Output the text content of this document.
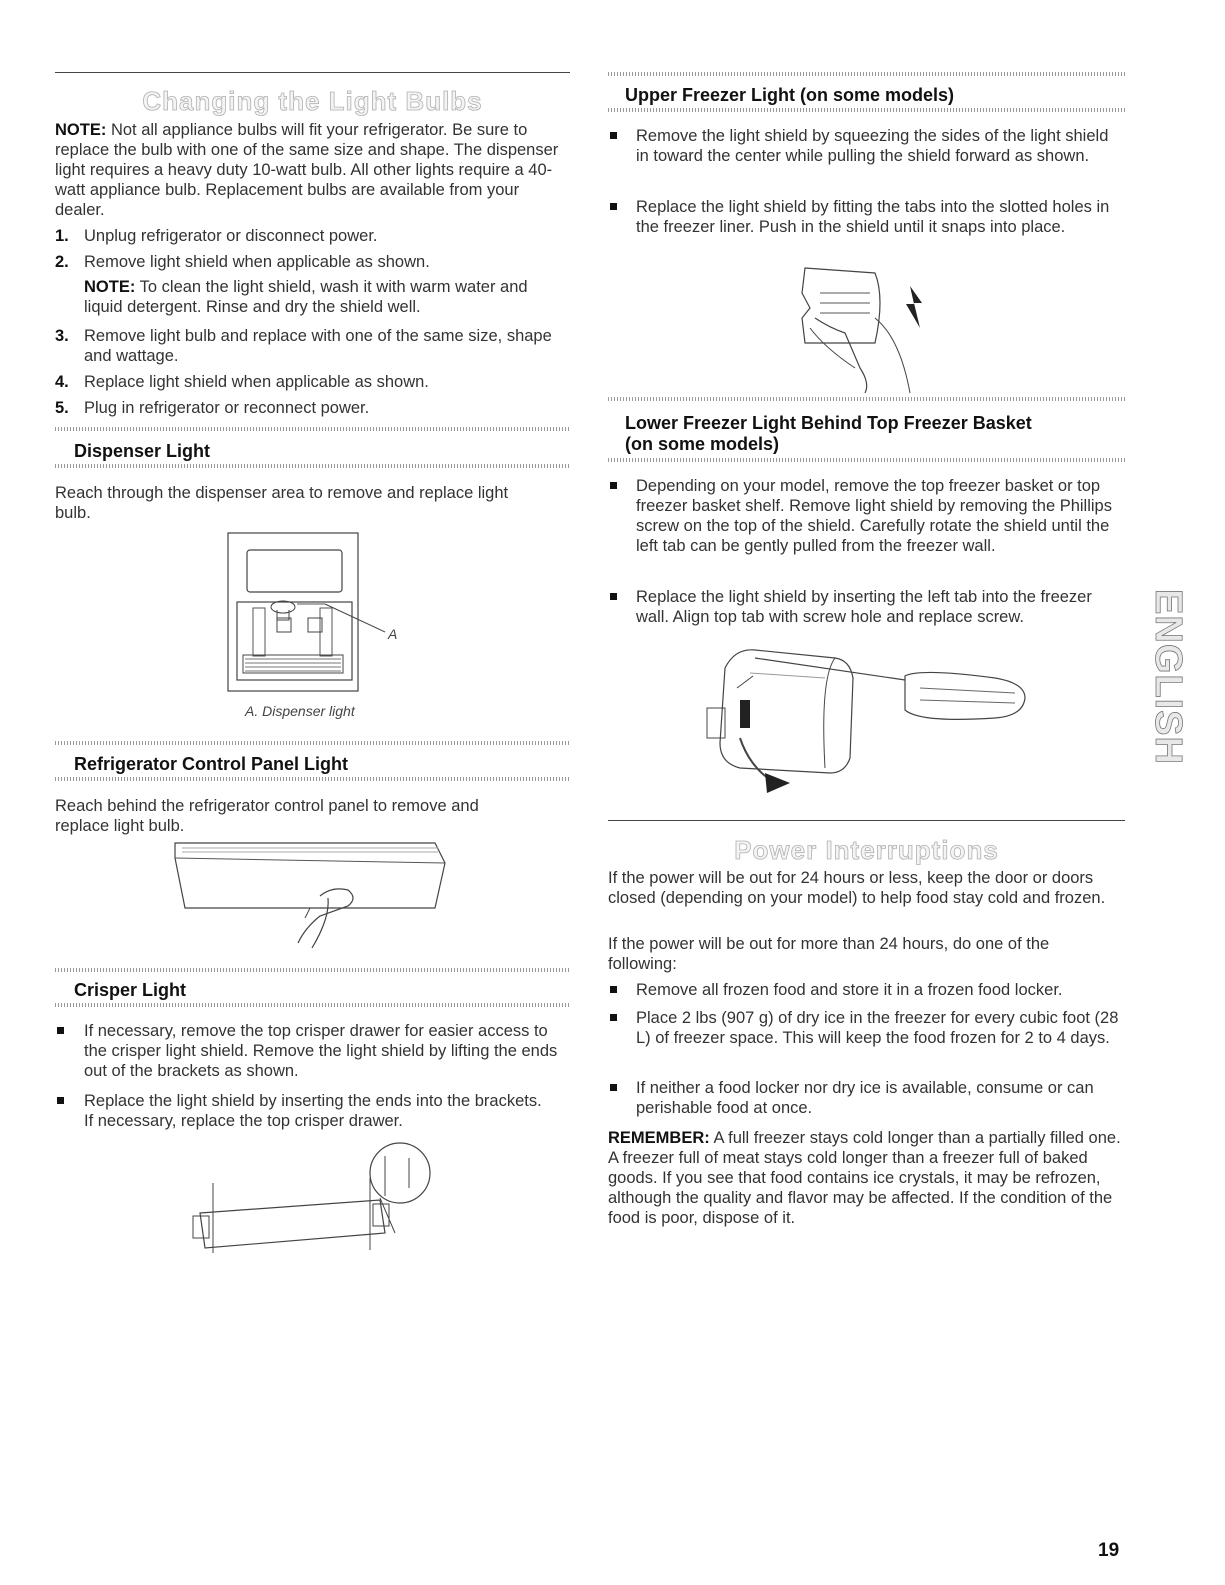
Changing the Light Bulbs
NOTE: Not all appliance bulbs will fit your refrigerator. Be sure to replace the bulb with one of the same size and shape. The dispenser light requires a heavy duty 10-watt bulb. All other lights require a 40-watt appliance bulb. Replacement bulbs are available from your dealer.
1. Unplug refrigerator or disconnect power.
2. Remove light shield when applicable as shown.
NOTE: To clean the light shield, wash it with warm water and liquid detergent. Rinse and dry the shield well.
3. Remove light bulb and replace with one of the same size, shape and wattage.
4. Replace light shield when applicable as shown.
5. Plug in refrigerator or reconnect power.
Dispenser Light
Reach through the dispenser area to remove and replace light bulb.
A
A. Dispenser light
Refrigerator Control Panel Light
Reach behind the refrigerator control panel to remove and replace light bulb.
Crisper Light
If necessary, remove the top crisper drawer for easier access to the crisper light shield. Remove the light shield by lifting the ends out of the brackets as shown.
Replace the light shield by inserting the ends into the brackets. If necessary, replace the top crisper drawer.
Upper Freezer Light (on some models)
Remove the light shield by squeezing the sides of the light shield in toward the center while pulling the shield forward as shown.
Replace the light shield by fitting the tabs into the slotted holes in the freezer liner. Push in the shield until it snaps into place.
Lower Freezer Light Behind Top Freezer Basket
(on some models)
Depending on your model, remove the top freezer basket or top freezer basket shelf. Remove light shield by removing the Phillips screw on the top of the shield. Carefully rotate the shield until the left tab can be gently pulled from the freezer wall.
Replace the light shield by inserting the left tab into the freezer wall. Align top tab with screw hole and replace screw.
Power Interruptions
If the power will be out for 24 hours or less, keep the door or doors closed (depending on your model) to help food stay cold and frozen.
If the power will be out for more than 24 hours, do one of the following:
Remove all frozen food and store it in a frozen food locker.
Place 2 lbs (907 g) of dry ice in the freezer for every cubic foot (28 L) of freezer space. This will keep the food frozen for 2 to 4 days.
If neither a food locker nor dry ice is available, consume or can perishable food at once.
REMEMBER: A full freezer stays cold longer than a partially filled one. A freezer full of meat stays cold longer than a freezer full of baked goods. If you see that food contains ice crystals, it may be refrozen, although the quality and flavor may be affected. If the condition of the food is poor, dispose of it.
ENGLISH
19
